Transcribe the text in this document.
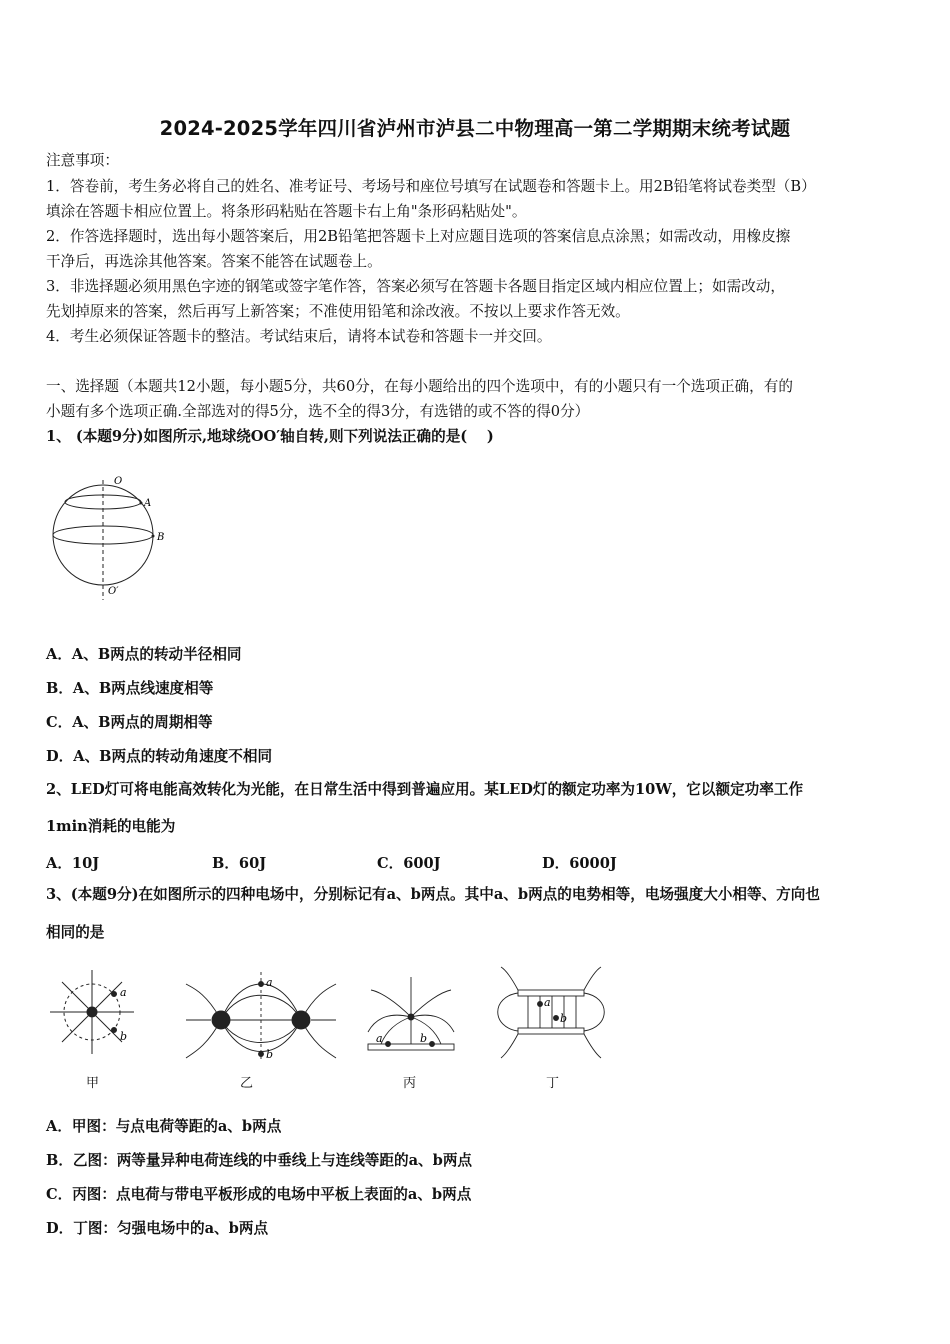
2024-2025学年四川省泸州市泸县二中物理高一第二学期期末统考试题
注意事项：
1．答卷前，考生务必将自己的姓名、准考证号、考场号和座位号填写在试题卷和答题卡上。用2B铅笔将试卷类型（B）
填涂在答题卡相应位置上。将条形码粘贴在答题卡右上角"条形码粘贴处"。
2．作答选择题时，选出每小题答案后，用2B铅笔把答题卡上对应题目选项的答案信息点涂黑；如需改动，用橡皮擦
干净后，再选涂其他答案。答案不能答在试题卷上。
3．非选择题必须用黑色字迹的钢笔或签字笔作答，答案必须写在答题卡各题目指定区域内相应位置上；如需改动，
先划掉原来的答案，然后再写上新答案；不准使用铅笔和涂改液。不按以上要求作答无效。
4．考生必须保证答题卡的整洁。考试结束后，请将本试卷和答题卡一并交回。
一、选择题（本题共12小题，每小题5分，共60分，在每小题给出的四个选项中，有的小题只有一个选项正确，有的
小题有多个选项正确.全部选对的得5分，选不全的得3分，有选错的或不答的得0分）
1、 (本题9分)如图所示,地球绕OO′轴自转,则下列说法正确的是(　 )
O
A
B
O′
A．A、B两点的转动半径相同
B．A、B两点线速度相等
C．A、B两点的周期相等
D．A、B两点的转动角速度不相同
2、LED灯可将电能高效转化为光能，在日常生活中得到普遍应用。某LED灯的额定功率为10W，它以额定功率工作
1min消耗的电能为
A．10J	B．60J	C．600J	D．6000J
3、(本题9分)在如图所示的四种电场中，分别标记有a、b两点。其中a、b两点的电势相等，电场强度大小相等、方向也
相同的是
a
b
a
b
a	b
a
b
甲	乙	丙	丁
A．甲图：与点电荷等距的a、b两点
B．乙图：两等量异种电荷连线的中垂线上与连线等距的a、b两点
C．丙图：点电荷与带电平板形成的电场中平板上表面的a、b两点
D．丁图：匀强电场中的a、b两点
